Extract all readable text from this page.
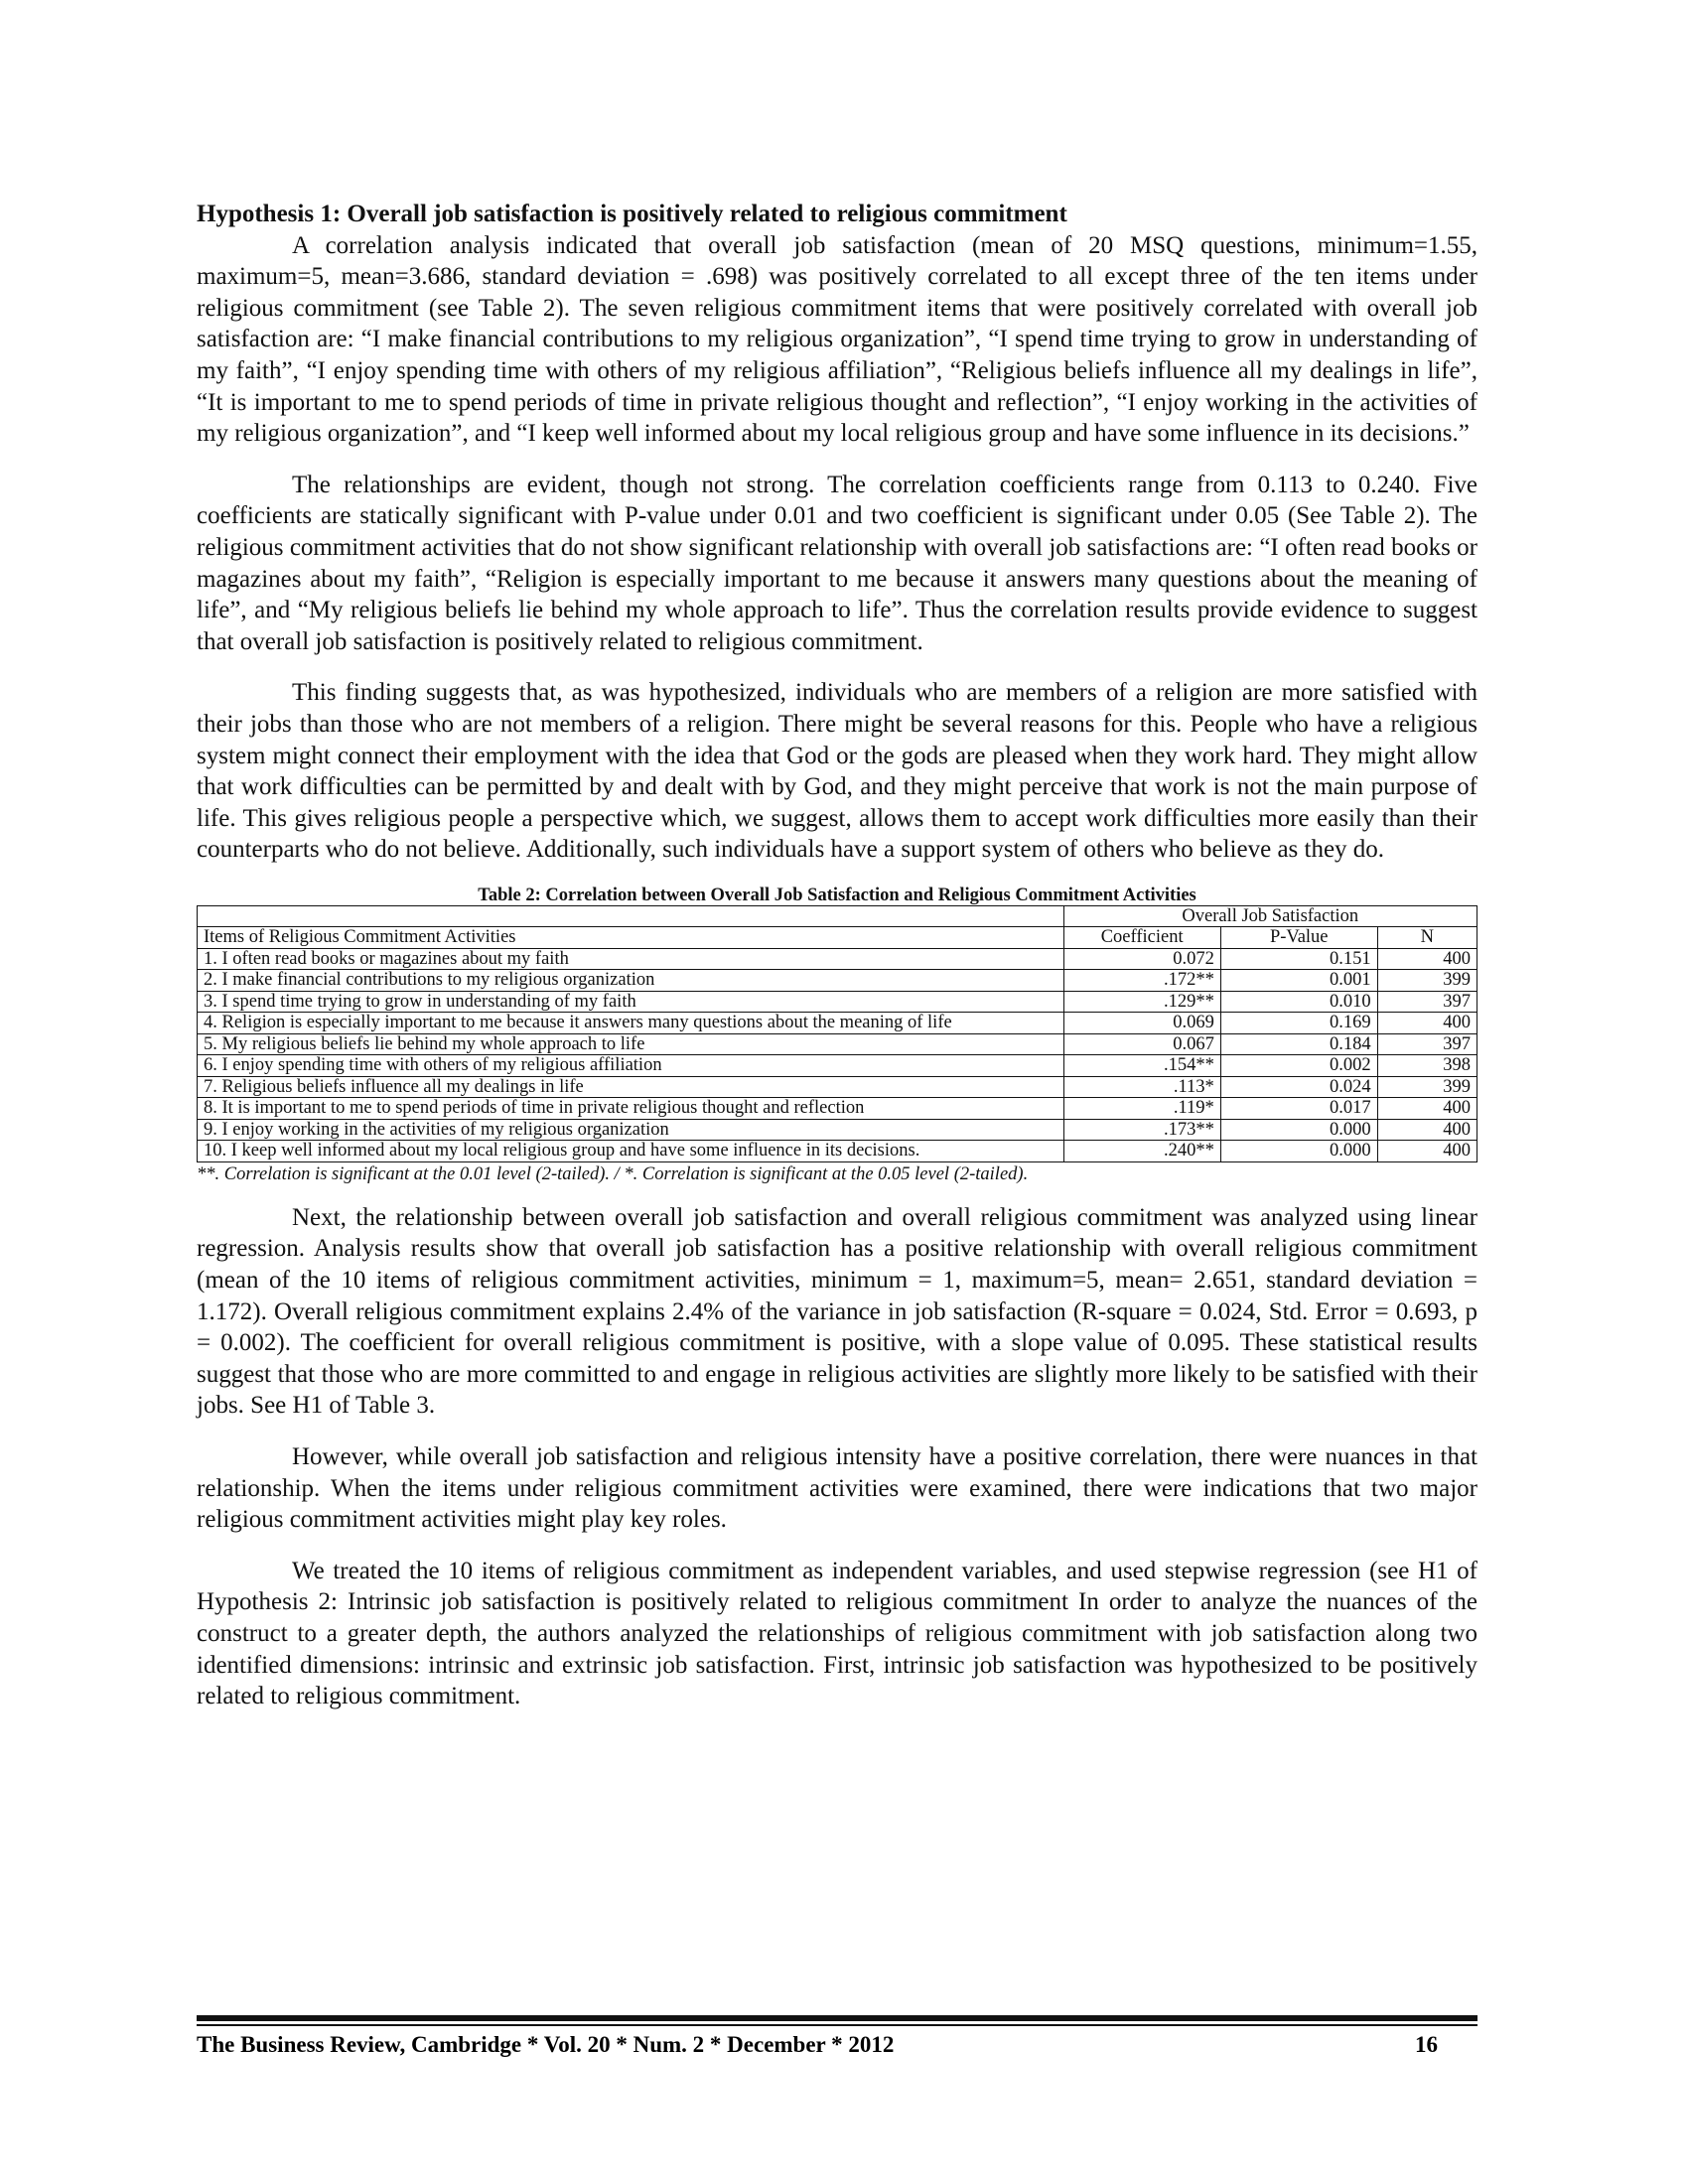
Hypothesis 1: Overall job satisfaction is positively related to religious commitment

A correlation analysis indicated that overall job satisfaction (mean of 20 MSQ questions, minimum=1.55, maximum=5, mean=3.686, standard deviation = .698) was positively correlated to all except three of the ten items under religious commitment (see Table 2). The seven religious commitment items that were positively correlated with overall job satisfaction are: “I make financial contributions to my religious organization”, “I spend time trying to grow in understanding of my faith”, “I enjoy spending time with others of my religious affiliation”, “Religious beliefs influence all my dealings in life”, “It is important to me to spend periods of time in private religious thought and reflection”, “I enjoy working in the activities of my religious organization”, and “I keep well informed about my local religious group and have some influence in its decisions.”

The relationships are evident, though not strong. The correlation coefficients range from 0.113 to 0.240. Five coefficients are statically significant with P-value under 0.01 and two coefficient is significant under 0.05 (See Table 2). The religious commitment activities that do not show significant relationship with overall job satisfactions are: “I often read books or magazines about my faith”, “Religion is especially important to me because it answers many questions about the meaning of life”, and “My religious beliefs lie behind my whole approach to life”. Thus the correlation results provide evidence to suggest that overall job satisfaction is positively related to religious commitment.

This finding suggests that, as was hypothesized, individuals who are members of a religion are more satisfied with their jobs than those who are not members of a religion. There might be several reasons for this. People who have a religious system might connect their employment with the idea that God or the gods are pleased when they work hard. They might allow that work difficulties can be permitted by and dealt with by God, and they might perceive that work is not the main purpose of life. This gives religious people a perspective which, we suggest, allows them to accept work difficulties more easily than their counterparts who do not believe. Additionally, such individuals have a support system of others who believe as they do.

Table 2: Correlation between Overall Job Satisfaction and Religious Commitment Activities

	Overall Job Satisfaction		
Items of Religious Commitment Activities	Coefficient	P-Value	N
1. I often read books or magazines about my faith	0.072	0.151	400
2. I make financial contributions to my religious organization	.172**	0.001	399
3. I spend time trying to grow in understanding of my faith	.129**	0.010	397
4. Religion is especially important to me because it answers many questions about the meaning of life	0.069	0.169	400
5. My religious beliefs lie behind my whole approach to life	0.067	0.184	397
6. I enjoy spending time with others of my religious affiliation	.154**	0.002	398
7. Religious beliefs influence all my dealings in life	.113*	0.024	399
8. It is important to me to spend periods of time in private religious thought and reflection	.119*	0.017	400
9. I enjoy working in the activities of my religious organization	.173**	0.000	400
10. I keep well informed about my local religious group and have some influence in its decisions.	.240**	0.000	400

**. Correlation is significant at the 0.01 level (2-tailed). / *. Correlation is significant at the 0.05 level (2-tailed).

Next, the relationship between overall job satisfaction and overall religious commitment was analyzed using linear regression. Analysis results show that overall job satisfaction has a positive relationship with overall religious commitment (mean of the 10 items of religious commitment activities, minimum = 1, maximum=5, mean= 2.651, standard deviation = 1.172). Overall religious commitment explains 2.4% of the variance in job satisfaction (R-square = 0.024, Std. Error = 0.693, p = 0.002). The coefficient for overall religious commitment is positive, with a slope value of 0.095. These statistical results suggest that those who are more committed to and engage in religious activities are slightly more likely to be satisfied with their jobs. See H1 of Table 3.

However, while overall job satisfaction and religious intensity have a positive correlation, there were nuances in that relationship. When the items under religious commitment activities were examined, there were indications that two major religious commitment activities might play key roles.

We treated the 10 items of religious commitment as independent variables, and used stepwise regression (see H1 of Hypothesis 2: Intrinsic job satisfaction is positively related to religious commitment In order to analyze the nuances of the construct to a greater depth, the authors analyzed the relationships of religious commitment with job satisfaction along two identified dimensions: intrinsic and extrinsic job satisfaction. First, intrinsic job satisfaction was hypothesized to be positively related to religious commitment.

The Business Review, Cambridge * Vol. 20 * Num. 2 * December * 2012	16
